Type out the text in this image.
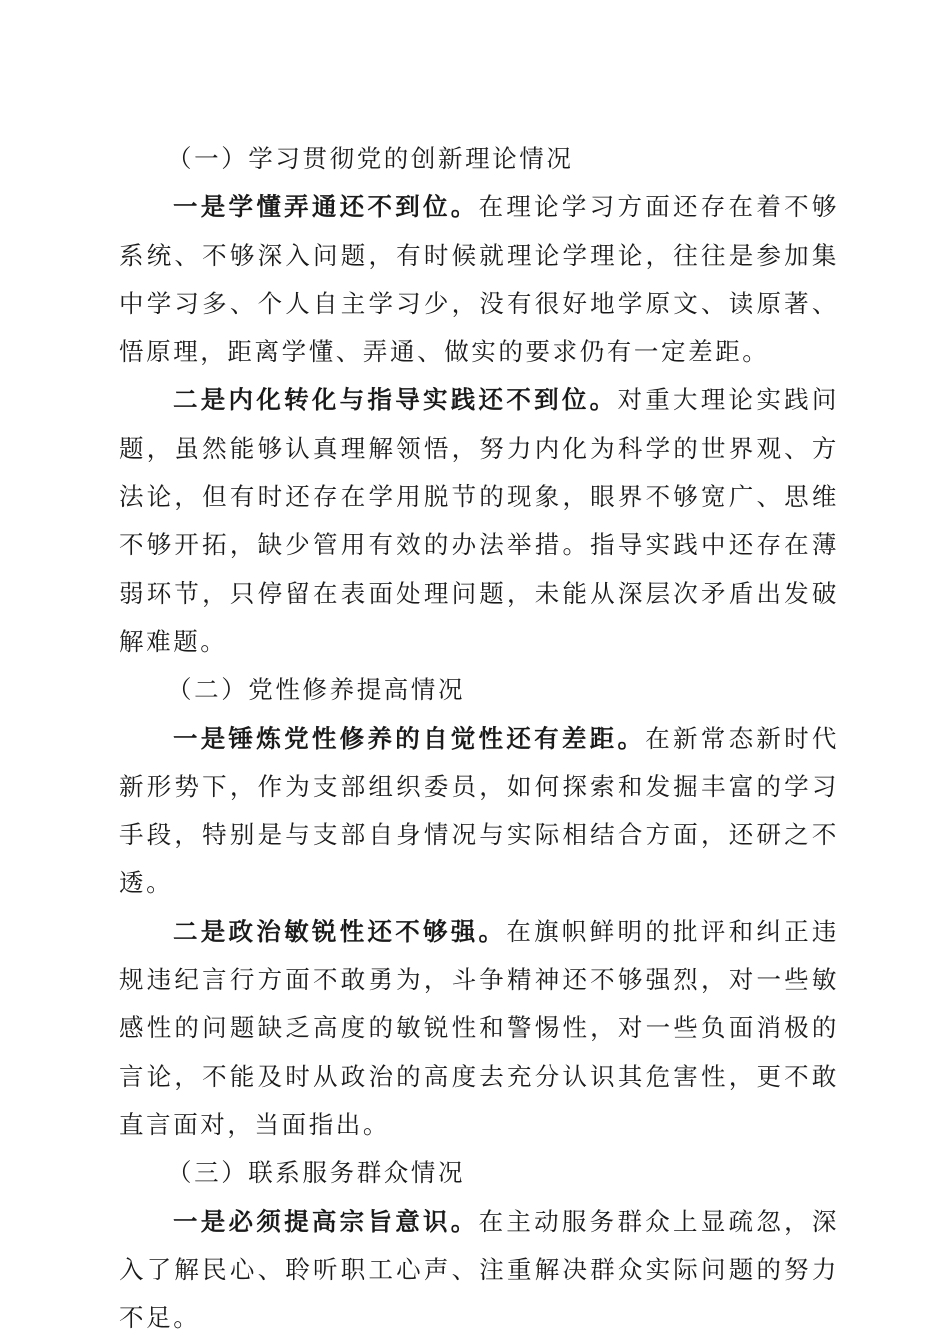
（一）学习贯彻党的创新理论情况

一是学懂弄通还不到位。在理论学习方面还存在着不够系统、不够深入问题，有时候就理论学理论，往往是参加集中学习多、个人自主学习少，没有很好地学原文、读原著、悟原理，距离学懂、弄通、做实的要求仍有一定差距。

二是内化转化与指导实践还不到位。对重大理论实践问题，虽然能够认真理解领悟，努力内化为科学的世界观、方法论，但有时还存在学用脱节的现象，眼界不够宽广、思维不够开拓，缺少管用有效的办法举措。指导实践中还存在薄弱环节，只停留在表面处理问题，未能从深层次矛盾出发破解难题。

（二）党性修养提高情况

一是锤炼党性修养的自觉性还有差距。在新常态新时代新形势下，作为支部组织委员，如何探索和发掘丰富的学习手段，特别是与支部自身情况与实际相结合方面，还研之不透。

二是政治敏锐性还不够强。在旗帜鲜明的批评和纠正违规违纪言行方面不敢勇为，斗争精神还不够强烈，对一些敏感性的问题缺乏高度的敏锐性和警惕性，对一些负面消极的言论，不能及时从政治的高度去充分认识其危害性，更不敢直言面对，当面指出。

（三）联系服务群众情况

一是必须提高宗旨意识。在主动服务群众上显疏忽，深入了解民心、聆听职工心声、注重解决群众实际问题的努力不足。
